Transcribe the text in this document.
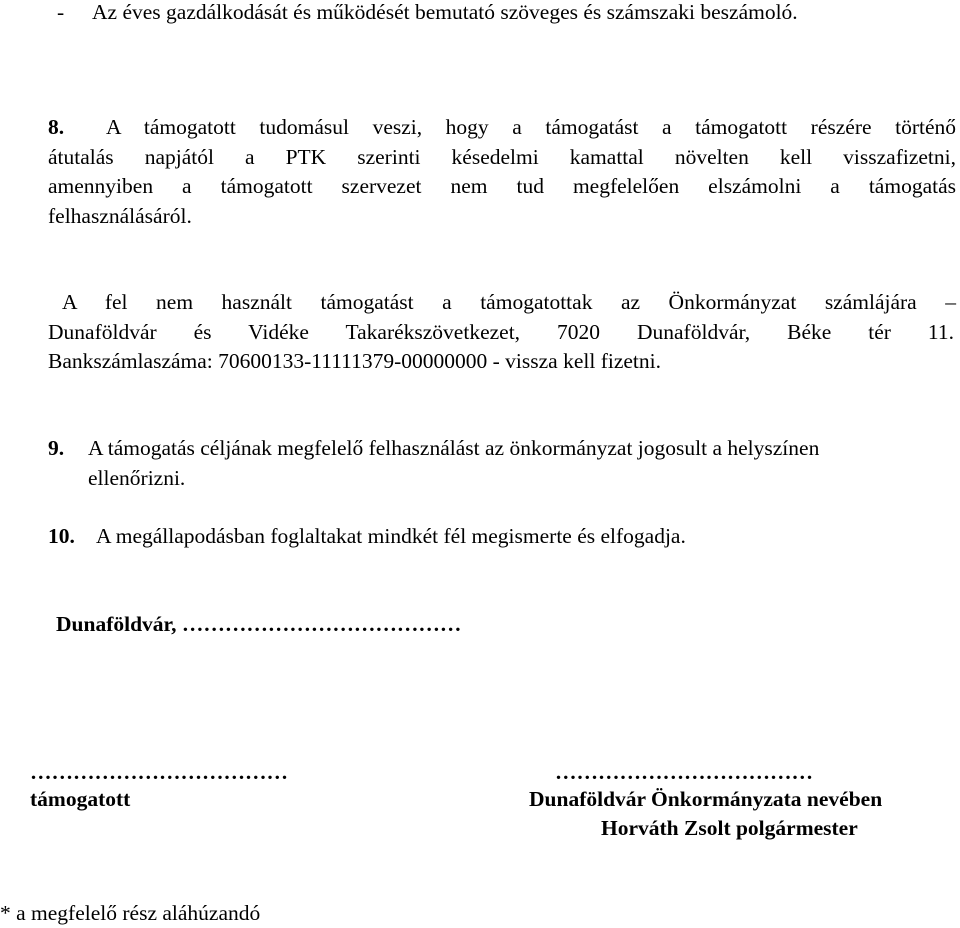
- Az éves gazdálkodását és működését bemutató szöveges és számszaki beszámoló.
8. A támogatott tudomásul veszi, hogy a támogatást a támogatott részére történő
átutalás napjától a PTK szerinti késedelmi kamattal növelten kell visszafizetni,
amennyiben a támogatott szervezet nem tud megfelelően elszámolni a támogatás
felhasználásáról.
A fel nem használt támogatást a támogatottak az Önkormányzat számlájára –
Dunaföldvár és Vidéke Takarékszövetkezet, 7020 Dunaföldvár, Béke tér 11.
Bankszámlaszáma: 70600133-11111379-00000000 - vissza kell fizetni.
9. A támogatás céljának megfelelő felhasználást az önkormányzat jogosult a helyszínen
ellenőrizni.
10. A megállapodásban foglaltakat mindkét fél megismerte és elfogadja.
Dunaföldvár, …………………………………
………………………………
támogatott
………………………………
Dunaföldvár Önkormányzata nevében
Horváth Zsolt polgármester
* a megfelelő rész aláhúzandó
